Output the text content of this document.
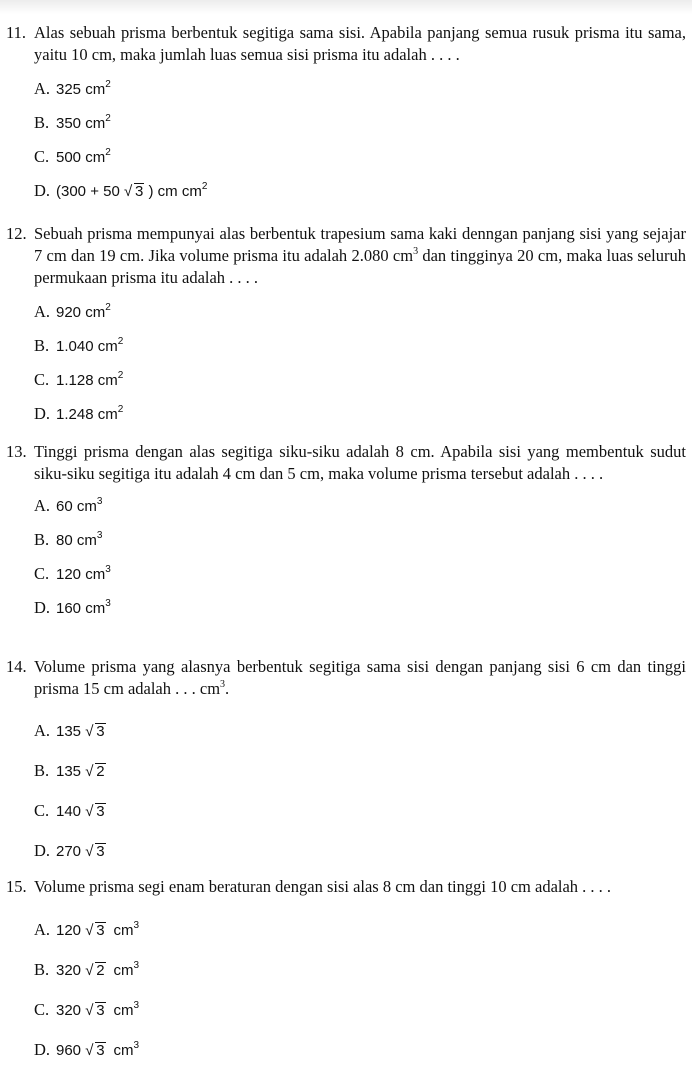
11. Alas sebuah prisma berbentuk segitiga sama sisi. Apabila panjang semua rusuk prisma itu sama, yaitu 10 cm, maka jumlah luas semua sisi prisma itu adalah . . . .
A. 325 $cm^2$
B. 350 $cm^2$
C. 500 $cm^2$
D. (300 + 50 √ 3 ) cm $cm^2$
12. Sebuah prisma mempunyai alas berbentuk trapesium sama kaki denngan panjang sisi yang sejajar 7 cm dan 19 cm. Jika volume prisma itu adalah 2.080 $cm^3$ dan tingginya 20 cm, maka luas seluruh permukaan prisma itu adalah . . . .
A. 920 $cm^2$
B. 1.040 $cm^2$
C. 1.128 $cm^2$
D. 1.248 $cm^2$
13. Tinggi prisma dengan alas segitiga siku-siku adalah 8 cm. Apabila sisi yang membentuk sudut siku-siku segitiga itu adalah 4 cm dan 5 cm, maka volume prisma tersebut adalah . . . .
A. 60 $cm^3$
B. 80 $cm^3$
C. 120 $cm^3$
D. 160 $cm^3$
14. Volume prisma yang alasnya berbentuk segitiga sama sisi dengan panjang sisi 6 cm dan tinggi prisma 15 cm adalah . . . $cm^3$.
A. 135 √ 3
B. 135 √ 2
C. 140 √ 3
D. 270 √ 3
15. Volume prisma segi enam beraturan dengan sisi alas 8 cm dan tinggi 10 cm adalah . . . .
A. 120 √ 3 $cm^3$
B. 320 √ 2 $cm^3$
C. 320 √ 3 $cm^3$
D. 960 √ 3 $cm^3$
